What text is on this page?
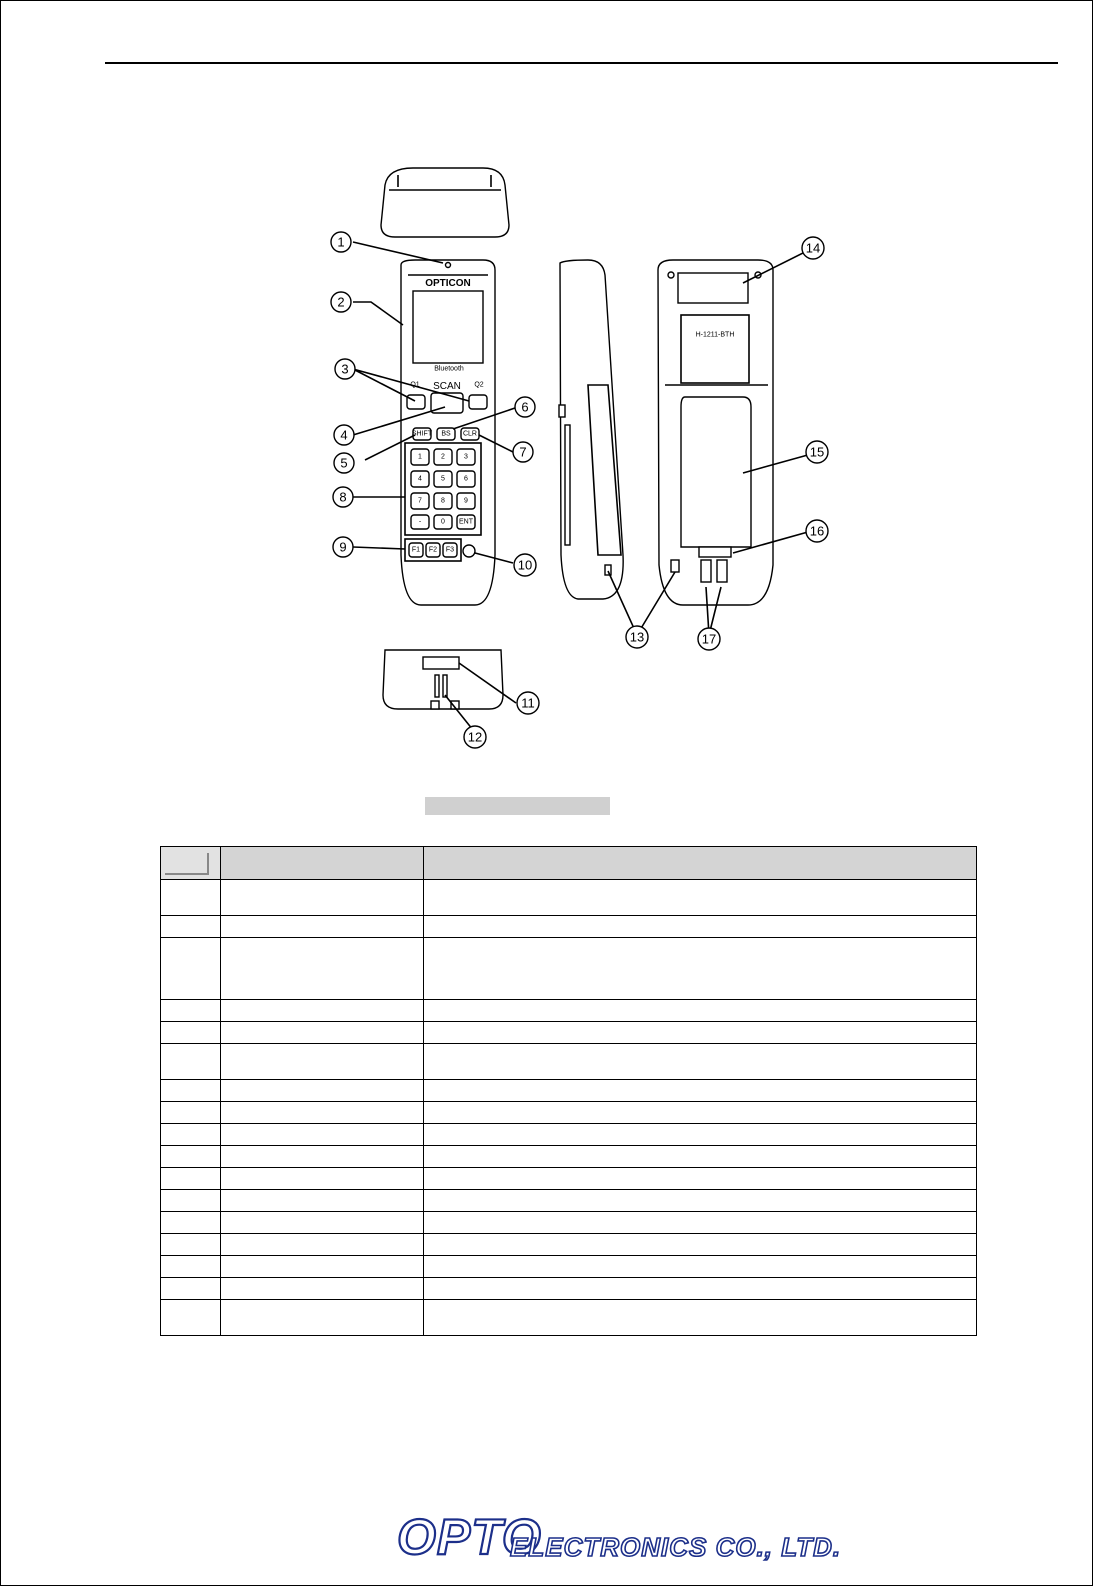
OPTICON
Bluetooth
Q1 SCAN Q2
SHIFT BS CLR
1	2	3
4	5	6
7	8	9
-	0 ENT
F1 F2 F3
H-1211-BTH
1
2
3
4
5
6
7
8
9
10
11
12
13
14
15
16
17

OPTO
ELECTRONICS CO., LTD.
